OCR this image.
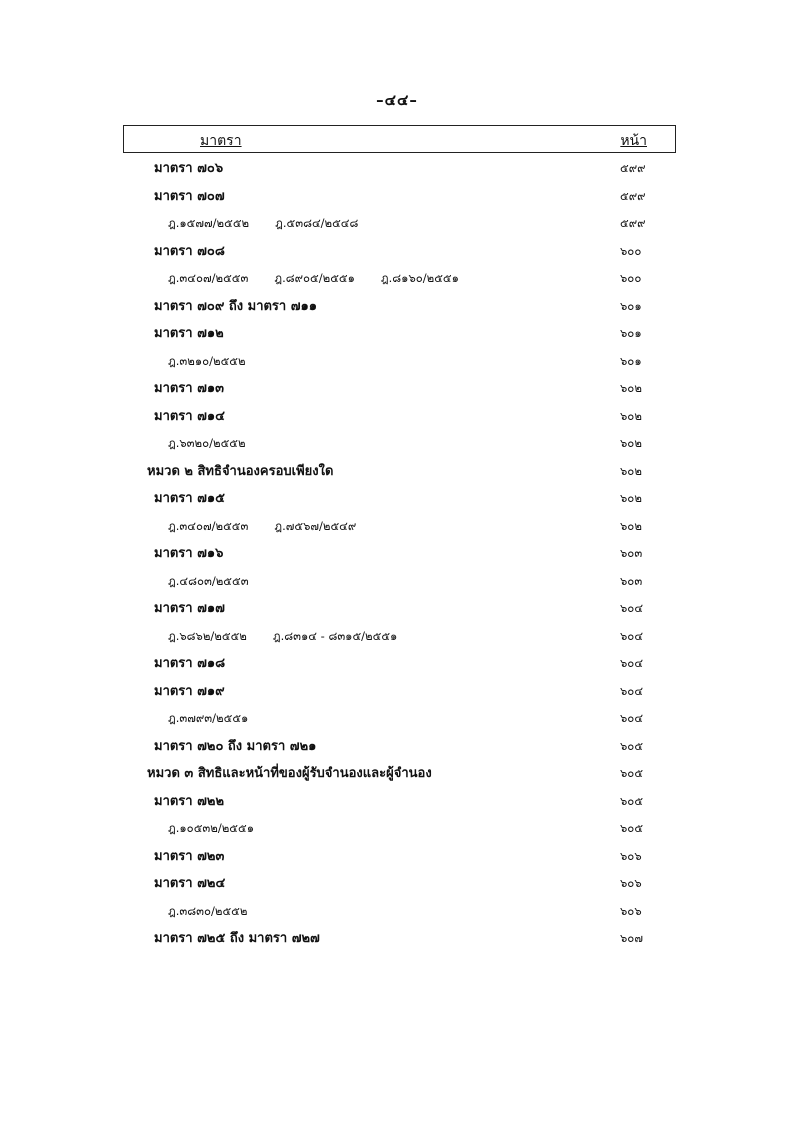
–๔๔–
มาตรา	หน้า
มาตรา ๗๐๖	๕๙๙
มาตรา ๗๐๗	๕๙๙
ฎ.๑๕๗๗/๒๕๕๒ ฎ.๕๓๘๔/๒๕๔๘	๕๙๙
มาตรา ๗๐๘	๖๐๐
ฎ.๓๔๐๗/๒๕๕๓ ฎ.๘๙๐๕/๒๕๕๑ ฎ.๘๑๖๐/๒๕๕๑	๖๐๐
มาตรา ๗๐๙ ถึง มาตรา ๗๑๑	๖๐๑
มาตรา ๗๑๒	๖๐๑
ฎ.๓๒๑๐/๒๕๕๒	๖๐๑
มาตรา ๗๑๓	๖๐๒
มาตรา ๗๑๔	๖๐๒
ฎ.๖๓๒๐/๒๕๕๒	๖๐๒
หมวด ๒ สิทธิจำนองครอบเพียงใด	๖๐๒
มาตรา ๗๑๕	๖๐๒
ฎ.๓๔๐๗/๒๕๕๓ ฎ.๗๕๖๗/๒๕๔๙	๖๐๒
มาตรา ๗๑๖	๖๐๓
ฎ.๔๘๐๓/๒๕๕๓	๖๐๓
มาตรา ๗๑๗	๖๐๔
ฎ.๖๘๖๒/๒๕๕๒ ฎ.๘๓๑๔ - ๘๓๑๕/๒๕๕๑	๖๐๔
มาตรา ๗๑๘	๖๐๔
มาตรา ๗๑๙	๖๐๔
ฎ.๓๗๙๓/๒๕๕๑	๖๐๔
มาตรา ๗๒๐ ถึง มาตรา ๗๒๑	๖๐๕
หมวด ๓ สิทธิและหน้าที่ของผู้รับจำนองและผู้จำนอง	๖๐๕
มาตรา ๗๒๒	๖๐๕
ฎ.๑๐๕๓๒/๒๕๕๑	๖๐๕
มาตรา ๗๒๓	๖๐๖
มาตรา ๗๒๔	๖๐๖
ฎ.๓๘๓๐/๒๕๕๒	๖๐๖
มาตรา ๗๒๕ ถึง มาตรา ๗๒๗	๖๐๗
